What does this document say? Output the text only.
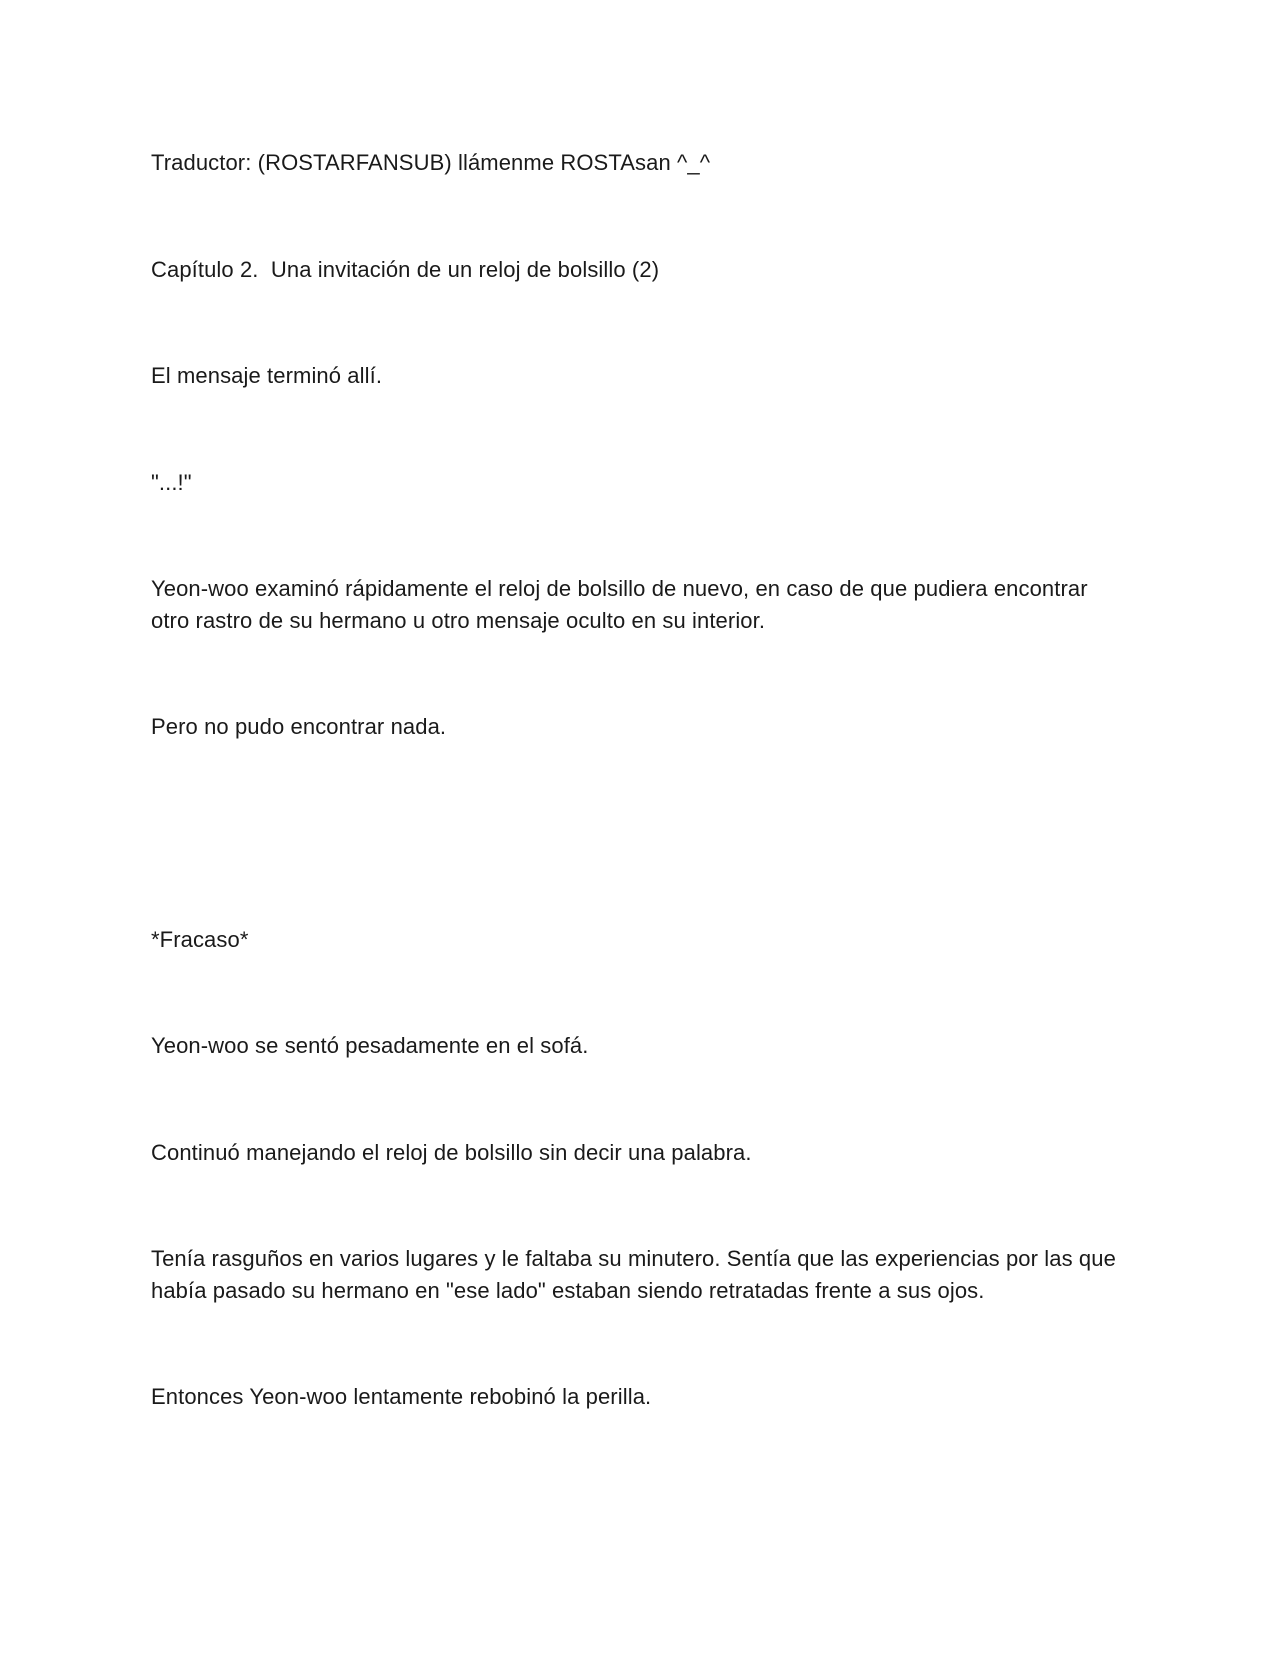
Traductor: (ROSTARFANSUB) llámenme ROSTAsan ^_^

Capítulo 2.  Una invitación de un reloj de bolsillo (2)

El mensaje terminó allí.

"...!"

Yeon-woo examinó rápidamente el reloj de bolsillo de nuevo, en caso de que pudiera encontrar otro rastro de su hermano u otro mensaje oculto en su interior.

Pero no pudo encontrar nada.

*Fracaso*

Yeon-woo se sentó pesadamente en el sofá.

Continuó manejando el reloj de bolsillo sin decir una palabra.

Tenía rasguños en varios lugares y le faltaba su minutero. Sentía que las experiencias por las que había pasado su hermano en "ese lado" estaban siendo retratadas frente a sus ojos.

Entonces Yeon-woo lentamente rebobinó la perilla.
